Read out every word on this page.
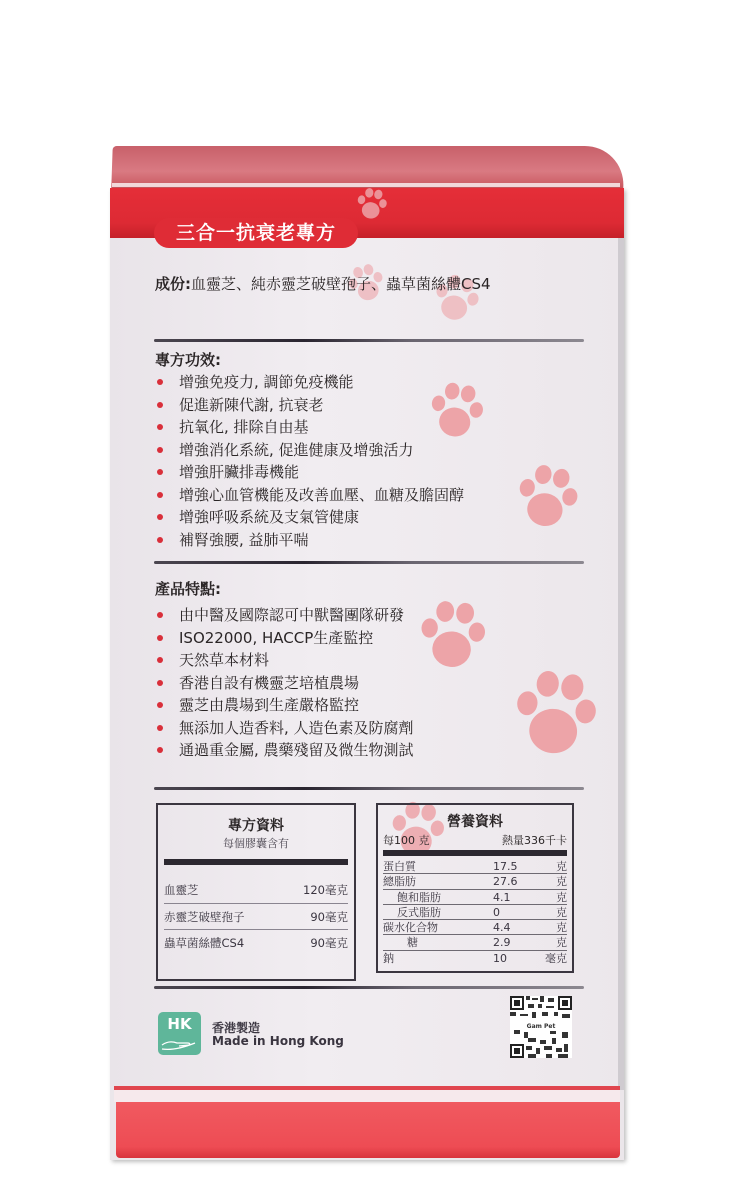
三合一抗衰老專方
成份:血靈芝、純赤靈芝破壁孢子、蟲草菌絲體CS4
專方功效:
增強免疫力, 調節免疫機能
促進新陳代謝, 抗衰老
抗氧化, 排除自由基
增強消化系統, 促進健康及增強活力
增強肝臟排毒機能
增強心血管機能及改善血壓、血糖及膽固醇
增強呼吸系統及支氣管健康
補腎強腰, 益肺平喘
產品特點:
由中醫及國際認可中獸醫團隊研發
ISO22000, HACCP生產監控
天然草本材料
香港自設有機靈芝培植農場
靈芝由農場到生產嚴格監控
無添加人造香料, 人造色素及防腐劑
通過重金屬, 農藥殘留及微生物測試
專方資料
每個膠囊含有
血靈芝	120毫克
赤靈芝破壁孢子	90毫克
蟲草菌絲體CS4	90毫克
營養資料
每100 克	熱量336千卡
蛋白質	17.5	克
總脂肪	27.6	克
飽和脂肪	4.1	克
反式脂肪	0	克
碳水化合物	4.4	克
糖	2.9	克
鈉	10	毫克
HK	香港製造
Made in Hong Kong
Gam Pet
